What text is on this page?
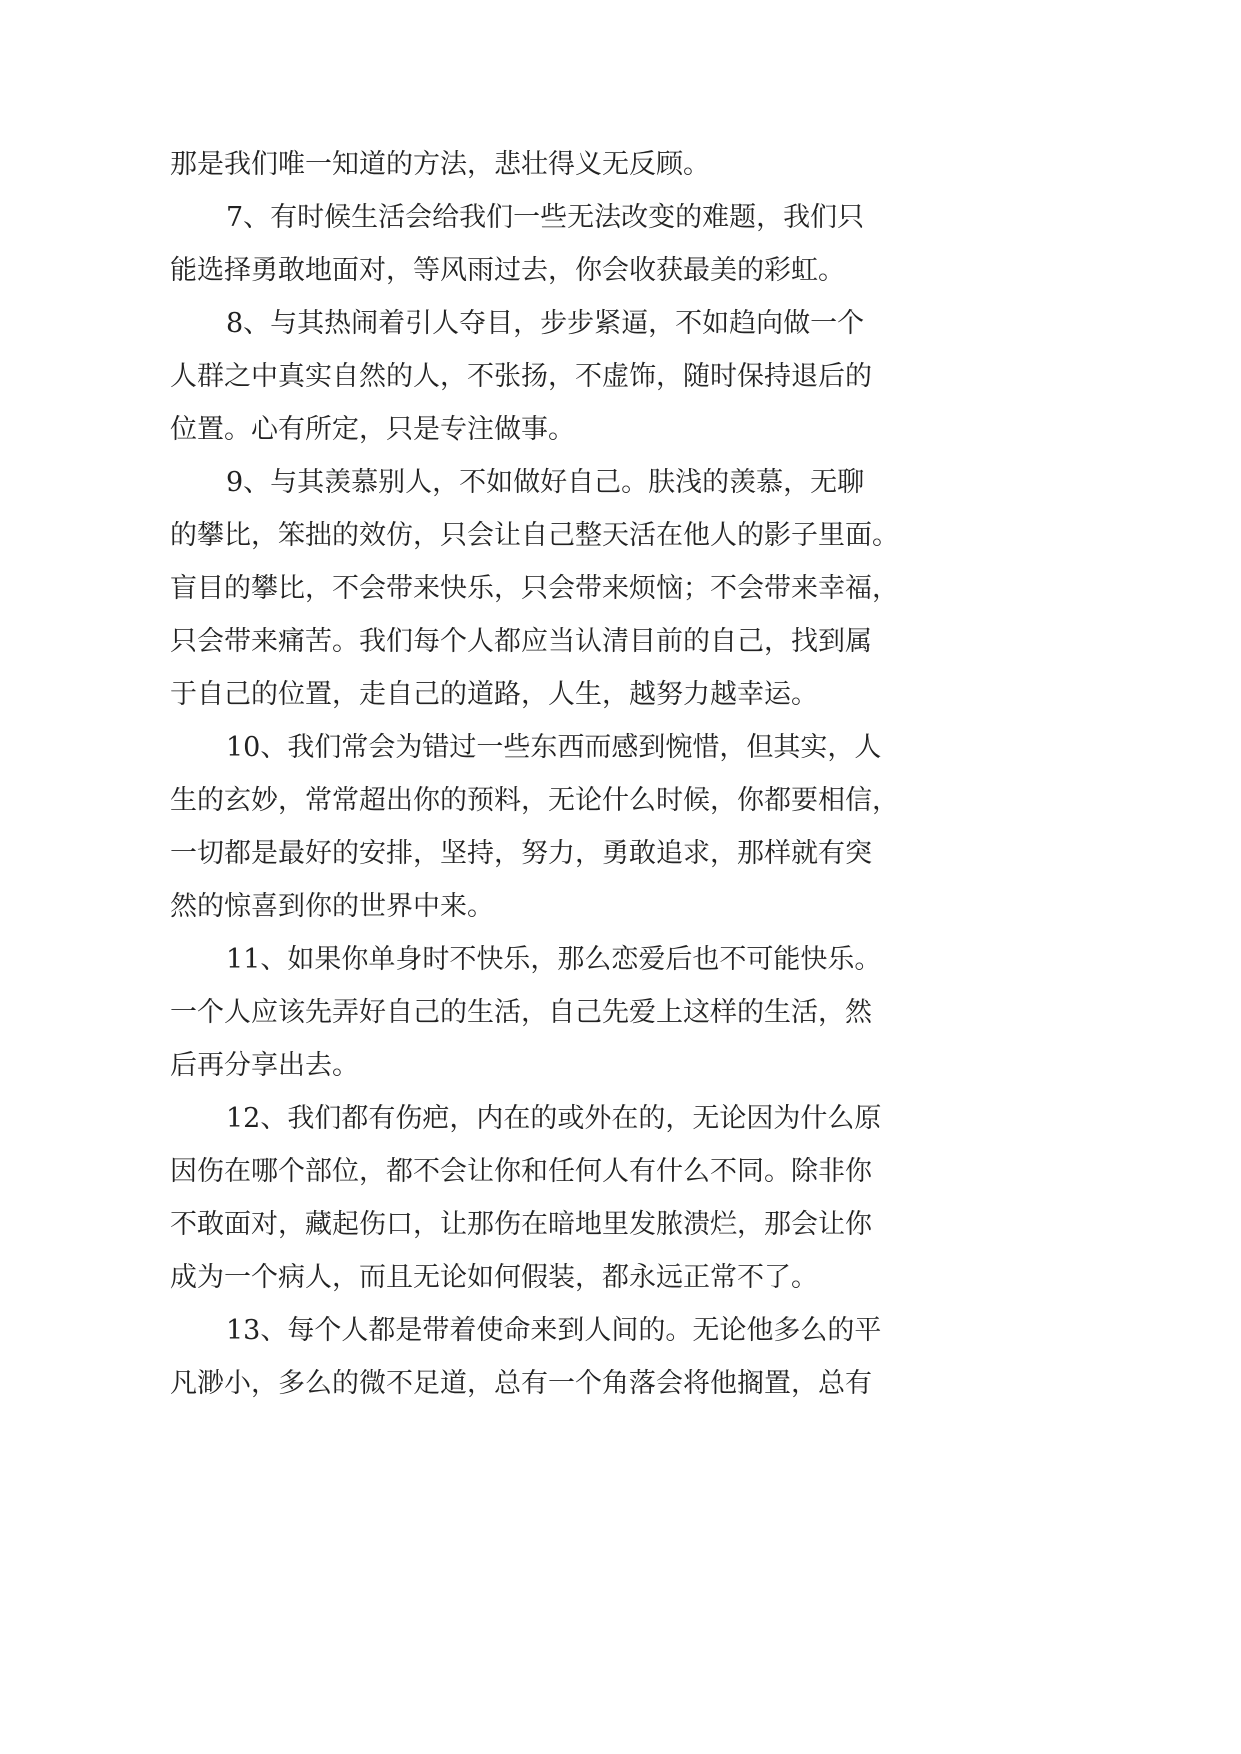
那是我们唯一知道的方法，悲壮得义无反顾。
7、有时候生活会给我们一些无法改变的难题，我们只
能选择勇敢地面对，等风雨过去，你会收获最美的彩虹。
8、与其热闹着引人夺目，步步紧逼，不如趋向做一个
人群之中真实自然的人，不张扬，不虚饰，随时保持退后的
位置。心有所定，只是专注做事。
9、与其羡慕别人，不如做好自己。肤浅的羡慕，无聊
的攀比，笨拙的效仿，只会让自己整天活在他人的影子里面。
盲目的攀比，不会带来快乐，只会带来烦恼；不会带来幸福，
只会带来痛苦。我们每个人都应当认清目前的自己，找到属
于自己的位置，走自己的道路，人生，越努力越幸运。
10、我们常会为错过一些东西而感到惋惜，但其实，人
生的玄妙，常常超出你的预料，无论什么时候，你都要相信，
一切都是最好的安排，坚持，努力，勇敢追求，那样就有突
然的惊喜到你的世界中来。
11、如果你单身时不快乐，那么恋爱后也不可能快乐。
一个人应该先弄好自己的生活，自己先爱上这样的生活，然
后再分享出去。
12、我们都有伤疤，内在的或外在的，无论因为什么原
因伤在哪个部位，都不会让你和任何人有什么不同。除非你
不敢面对，藏起伤口，让那伤在暗地里发脓溃烂，那会让你
成为一个病人，而且无论如何假装，都永远正常不了。
13、每个人都是带着使命来到人间的。无论他多么的平
凡渺小，多么的微不足道，总有一个角落会将他搁置，总有
